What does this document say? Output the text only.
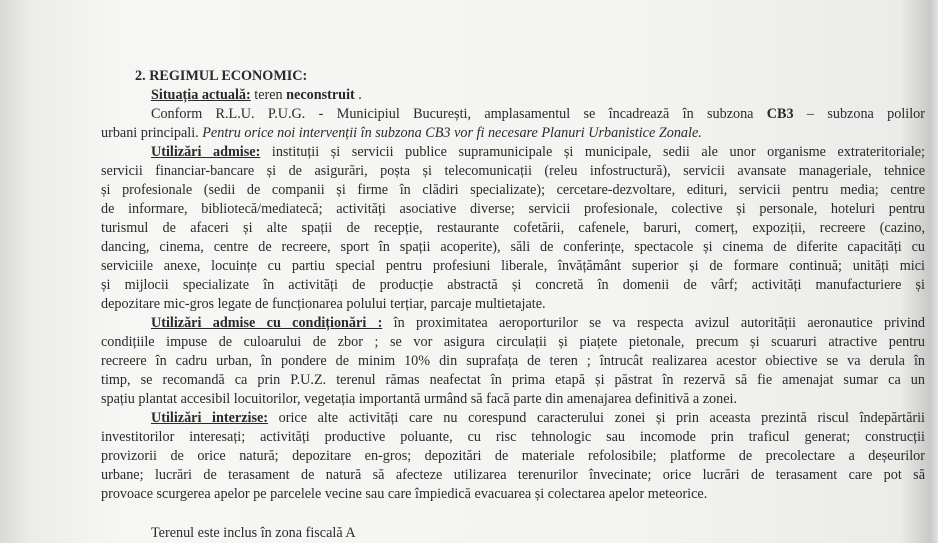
2. REGIMUL ECONOMIC:
Situația actuală: teren neconstruit .
Conform R.L.U. P.U.G. - Municipiul București, amplasamentul se încadrează în subzona CB3 – subzona polilor
urbani principali. Pentru orice noi intervenții în subzona CB3 vor fi necesare Planuri Urbanistice Zonale.
Utilizări admise: instituții și servicii publice supramunicipale și municipale, sedii ale unor organisme extrateritoriale;
servicii financiar-bancare și de asigurări, poșta și telecomunicații (releu infostructură), servicii avansate manageriale, tehnice
și profesionale (sedii de companii și firme în clădiri specializate); cercetare-dezvoltare, edituri, servicii pentru media; centre
de informare, bibliotecă/mediatecă; activități asociative diverse; servicii profesionale, colective și personale, hoteluri pentru
turismul de afaceri și alte spații de recepție, restaurante cofetării, cafenele, baruri, comerț, expoziții, recreere (cazino,
dancing, cinema, centre de recreere, sport în spații acoperite), săli de conferințe, spectacole și cinema de diferite capacități cu
serviciile anexe, locuințe cu partiu special pentru profesiuni liberale, învățământ superior și de formare continuă; unități mici
și mijlocii specializate în activități de producție abstractă și concretă în domenii de vârf; activități manufacturiere și
depozitare mic-gros legate de funcționarea polului terțiar, parcaje multietajate.
Utilizări admise cu condiționări : în proximitatea aeroporturilor se va respecta avizul autorității aeronautice privind
condițiile impuse de culoarului de zbor ; se vor asigura circulații și piațete pietonale, precum și scuaruri atractive pentru
recreere în cadru urban, în pondere de minim 10% din suprafața de teren ; întrucât realizarea acestor obiective se va derula în
timp, se recomandă ca prin P.U.Z. terenul rămas neafectat în prima etapă și păstrat în rezervă să fie amenajat sumar ca un
spațiu plantat accesibil locuitorilor, vegetația importantă urmând să facă parte din amenajarea definitivă a zonei.
Utilizări interzise: orice alte activități care nu corespund caracterului zonei și prin aceasta prezintă riscul îndepărtării
investitorilor interesați; activități productive poluante, cu risc tehnologic sau incomode prin traficul generat; construcții
provizorii de orice natură; depozitare en-gros; depozitări de materiale refolosibile; platforme de precolectare a deșeurilor
urbane; lucrări de terasament de natură să afecteze utilizarea terenurilor învecinate; orice lucrări de terasament care pot să
provoace scurgerea apelor pe parcelele vecine sau care împiedică evacuarea și colectarea apelor meteorice.
Terenul este inclus în zona fiscală A
